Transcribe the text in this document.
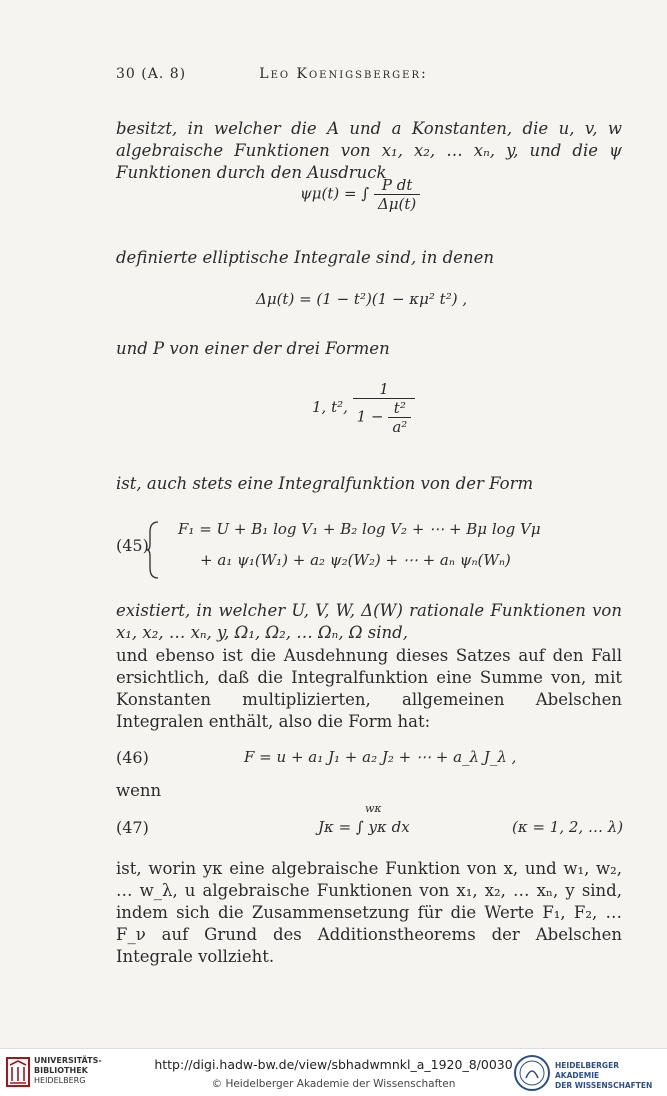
30 (A. 8)	Leo Koenigsberger:
besitzt, in welcher die A und a Konstanten, die u, v, w algebraische Funktionen von x₁, x₂, … xₙ, y, und die ψ Funktionen durch den Ausdruck
ψμ(t) = ∫ $\frac{\text{P dt}}{\Delta\mu(t)}$
definierte elliptische Integrale sind, in denen
Δμ(t) = (1 − t²)(1 − κμ² t²) ,
und P von einer der drei Formen
1, t², $\frac{1}{1 - \frac{\text{t²}}{\text{a²}}}$
ist, auch stets eine Integralfunktion von der Form
(45)
F₁ = U + B₁ log V₁ + B₂ log V₂ + ⋯ + Bμ log Vμ
+ a₁ ψ₁(W₁) + a₂ ψ₂(W₂) + ⋯ + aₙ ψₙ(Wₙ)
existiert, in welcher U, V, W, Δ(W) rationale Funktionen von x₁, x₂, … xₙ, y, Ω₁, Ω₂, … Ωₙ, Ω sind,
und ebenso ist die Ausdehnung dieses Satzes auf den Fall ersichtlich, daß die Integralfunktion eine Summe von, mit Konstanten multiplizierten, allgemeinen Abelschen Integralen enthält, also die Form hat:
(46)	F = u + a₁ J₁ + a₂ J₂ + ⋯ + a_λ J_λ ,
wenn
wκ
(47)	Jκ = ∫ yκ dx	(κ = 1, 2, … λ)
ist, worin yκ eine algebraische Funktion von x, und w₁, w₂, … w_λ, u algebraische Funktionen von x₁, x₂, … xₙ, y sind, indem sich die Zusammensetzung für die Werte F₁, F₂, … F_ν auf Grund des Additionstheorems der Abelschen Integrale vollzieht.
UNIVERSITÄTS-
BIBLIOTHEK
HEIDELBERG
http://digi.hadw-bw.de/view/sbhadwmnkl_a_1920_8/0030
© Heidelberger Akademie der Wissenschaften
HEIDELBERGER AKADEMIE
DER WISSENSCHAFTEN
